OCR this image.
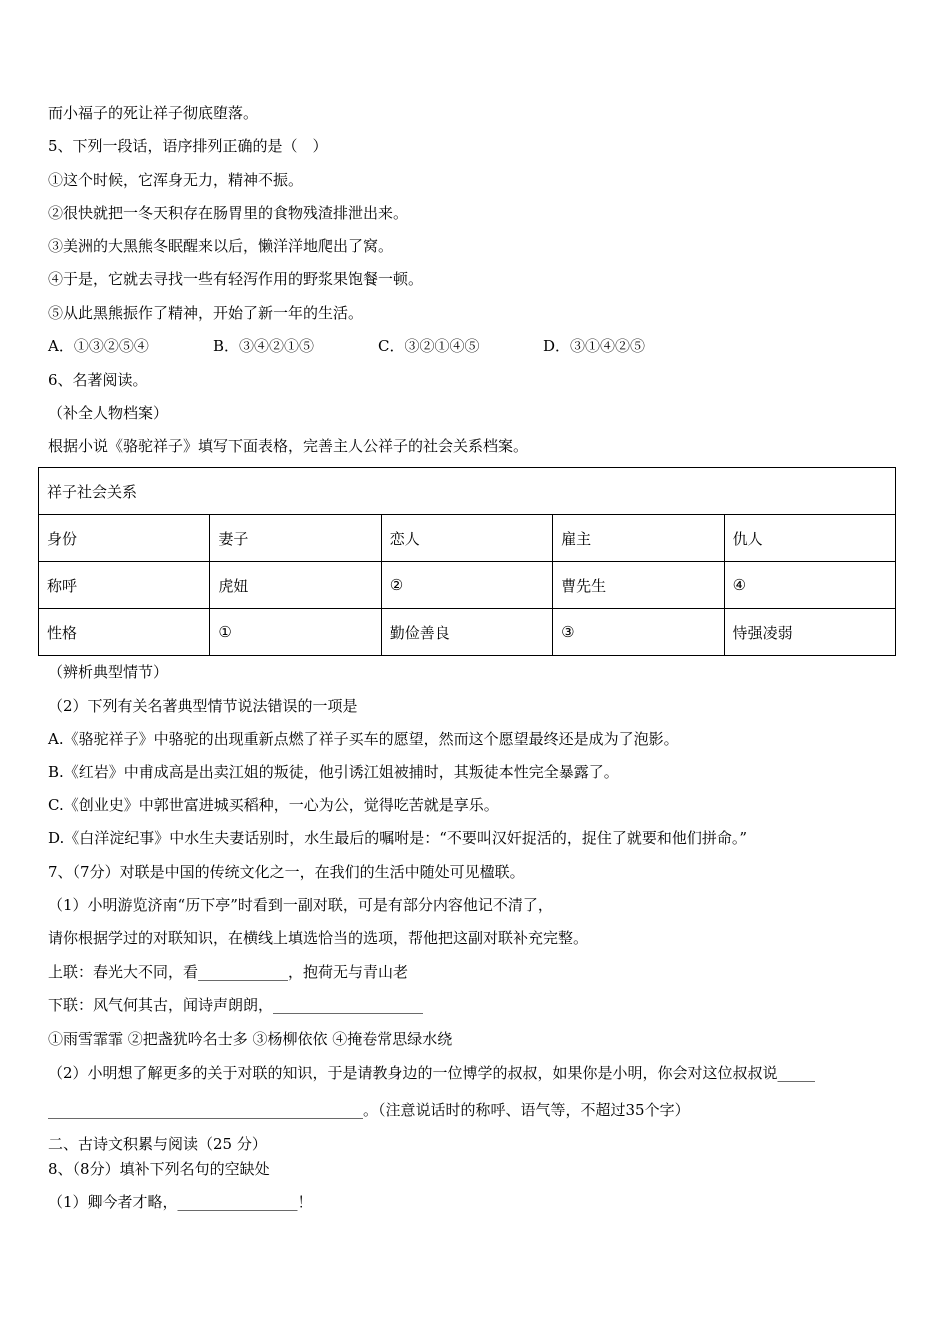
而小福子的死让祥子彻底堕落。
5、下列一段话，语序排列正确的是（　）
①这个时候，它浑身无力，精神不振。
②很快就把一冬天积存在肠胃里的食物残渣排泄出来。
③美洲的大黑熊冬眠醒来以后，懒洋洋地爬出了窝。
④于是，它就去寻找一些有轻泻作用的野浆果饱餐一顿。
⑤从此黑熊振作了精神，开始了新一年的生活。
A．①③②⑤④	B．③④②①⑤	C．③②①④⑤	D．③①④②⑤
6、名著阅读。
（补全人物档案）
根据小说《骆驼祥子》填写下面表格，完善主人公祥子的社会关系档案。
祥子社会关系				
身份	妻子	恋人	雇主	仇人
称呼	虎妞	②	曹先生	④
性格	①	勤俭善良	③	恃强凌弱
（辨析典型情节）
（2）下列有关名著典型情节说法错误的一项是
A.《骆驼祥子》中骆驼的出现重新点燃了祥子买车的愿望，然而这个愿望最终还是成为了泡影。
B.《红岩》中甫成高是出卖江姐的叛徒，他引诱江姐被捕时，其叛徒本性完全暴露了。
C.《创业史》中郭世富进城买稻种，一心为公，觉得吃苦就是享乐。
D.《白洋淀纪事》中水生夫妻话别时，水生最后的嘱咐是：“不要叫汉奸捉活的，捉住了就要和他们拼命。”
7、（7分）对联是中国的传统文化之一，在我们的生活中随处可见楹联。
（1）小明游览济南“历下亭”时看到一副对联，可是有部分内容他记不清了，
请你根据学过的对联知识，在横线上填选恰当的选项，帮他把这副对联补充完整。
上联：春光大不同，看____________，抱荷无与青山老
下联：风气何其古，闻诗声朗朗，____________________
①雨雪霏霏 ②把盏犹吟名士多 ③杨柳依依 ④掩卷常思绿水绕
（2）小明想了解更多的关于对联的知识，于是请教身边的一位博学的叔叔，如果你是小明，你会对这位叔叔说_____
__________________________________________。（注意说话时的称呼、语气等，不超过35个字）
二、古诗文积累与阅读（25 分）
8、（8分）填补下列名句的空缺处
（1）卿今者才略，________________！
